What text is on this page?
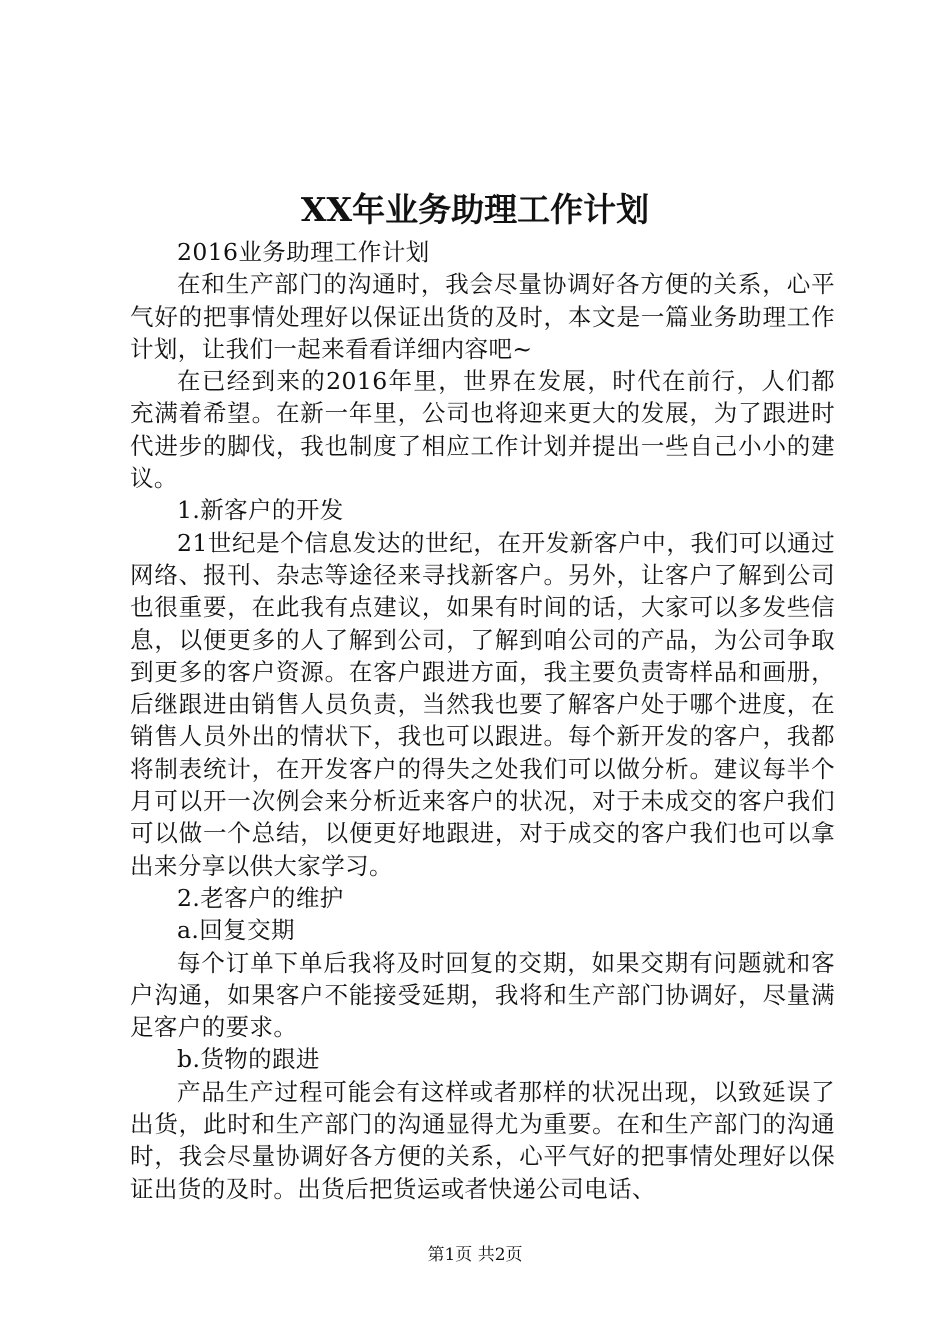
XX年业务助理工作计划

2016业务助理工作计划

在和生产部门的沟通时，我会尽量协调好各方便的关系，心平气好的把事情处理好以保证出货的及时，本文是一篇业务助理工作计划，让我们一起来看看详细内容吧~

在已经到来的2016年里，世界在发展，时代在前行，人们都充满着希望。在新一年里，公司也将迎来更大的发展，为了跟进时代进步的脚伐，我也制度了相应工作计划并提出一些自己小小的建议。

1.新客户的开发

21世纪是个信息发达的世纪，在开发新客户中，我们可以通过网络、报刊、杂志等途径来寻找新客户。另外，让客户了解到公司也很重要，在此我有点建议，如果有时间的话，大家可以多发些信息，以便更多的人了解到公司，了解到咱公司的产品，为公司争取到更多的客户资源。在客户跟进方面，我主要负责寄样品和画册，后继跟进由销售人员负责，当然我也要了解客户处于哪个进度，在销售人员外出的情状下，我也可以跟进。每个新开发的客户，我都将制表统计，在开发客户的得失之处我们可以做分析。建议每半个月可以开一次例会来分析近来客户的状况，对于未成交的客户我们可以做一个总结，以便更好地跟进，对于成交的客户我们也可以拿出来分享以供大家学习。

2.老客户的维护

a.回复交期

每个订单下单后我将及时回复的交期，如果交期有问题就和客户沟通，如果客户不能接受延期，我将和生产部门协调好，尽量满足客户的要求。

b.货物的跟进

产品生产过程可能会有这样或者那样的状况出现，以致延误了出货，此时和生产部门的沟通显得尤为重要。在和生产部门的沟通时，我会尽量协调好各方便的关系，心平气好的把事情处理好以保证出货的及时。出货后把货运或者快递公司电话、

第1页 共2页
